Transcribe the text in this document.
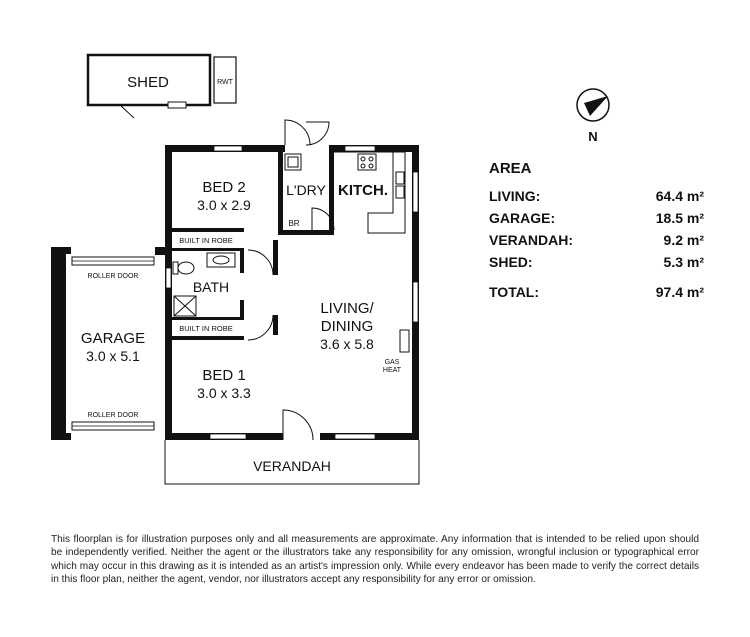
SHED	RWT
N
ROLLER DOOR
ROLLER DOOR
GARAGE
3.0 x 5.1
BED 2
3.0 x 2.9
L'DRY KITCH.
BR
BUILT IN ROBE
BATH
BUILT IN ROBE
BED 1
3.0 x 3.3
LIVING/
DINING
3.6 x 5.8
GAS
HEAT
VERANDAH
AREA
LIVING:	64.4 m²
GARAGE:	18.5 m²
VERANDAH:	9.2 m²
SHED:	5.3 m²
TOTAL:	97.4 m²
This floorplan is for illustration purposes only and all measurements are approximate. Any information that is intended to be relied upon should be independently verified. Neither the agent or the illustrators take any responsibility for any omission, wrongful inclusion or typographical error which may occur in this drawing as it is intended as an artist's impression only. While every endeavor has been made to verify the correct details in this floor plan, neither the agent, vendor, nor illustrators accept any responsibility for any error or omission.
